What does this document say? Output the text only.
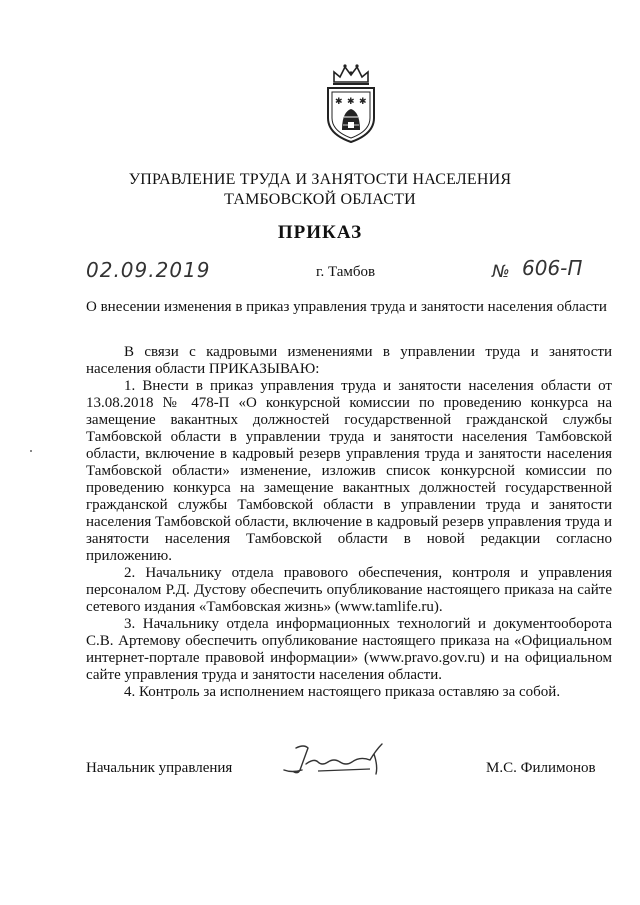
✱ ✱ ✱
УПРАВЛЕНИЕ ТРУДА И ЗАНЯТОСТИ НАСЕЛЕНИЯ
ТАМБОВСКОЙ ОБЛАСТИ
ПРИКАЗ
02.09.2019	г. Тамбов	№ 606-П
О внесении изменения в приказ управления труда и занятости населения области

В связи с кадровыми изменениями в управлении труда и занятости населения области ПРИКАЗЫВАЮ:

1. Внести в приказ управления труда и занятости населения области от 13.08.2018 № 478-П «О конкурсной комиссии по проведению конкурса на замещение вакантных должностей государственной гражданской службы Тамбовской области в управлении труда и занятости населения Тамбовской области, включение в кадровый резерв управления труда и занятости населения Тамбовской области» изменение, изложив список конкурсной комиссии по проведению конкурса на замещение вакантных должностей государственной гражданской службы Тамбовской области в управлении труда и занятости населения Тамбовской области, включение в кадровый резерв управления труда и занятости населения Тамбовской области в новой редакции согласно приложению.

2. Начальнику отдела правового обеспечения, контроля и управления персоналом Р.Д. Дустову обеспечить опубликование настоящего приказа на сайте сетевого издания «Тамбовская жизнь» (www.tamlife.ru).

3. Начальнику отдела информационных технологий и документооборота С.В. Артемову обеспечить опубликование настоящего приказа на «Официальном интернет-портале правовой информации» (www.pravo.gov.ru) и на официальном сайте управления труда и занятости населения области.

4. Контроль за исполнением настоящего приказа оставляю за собой.

Начальник управления	М.С. Филимонов
